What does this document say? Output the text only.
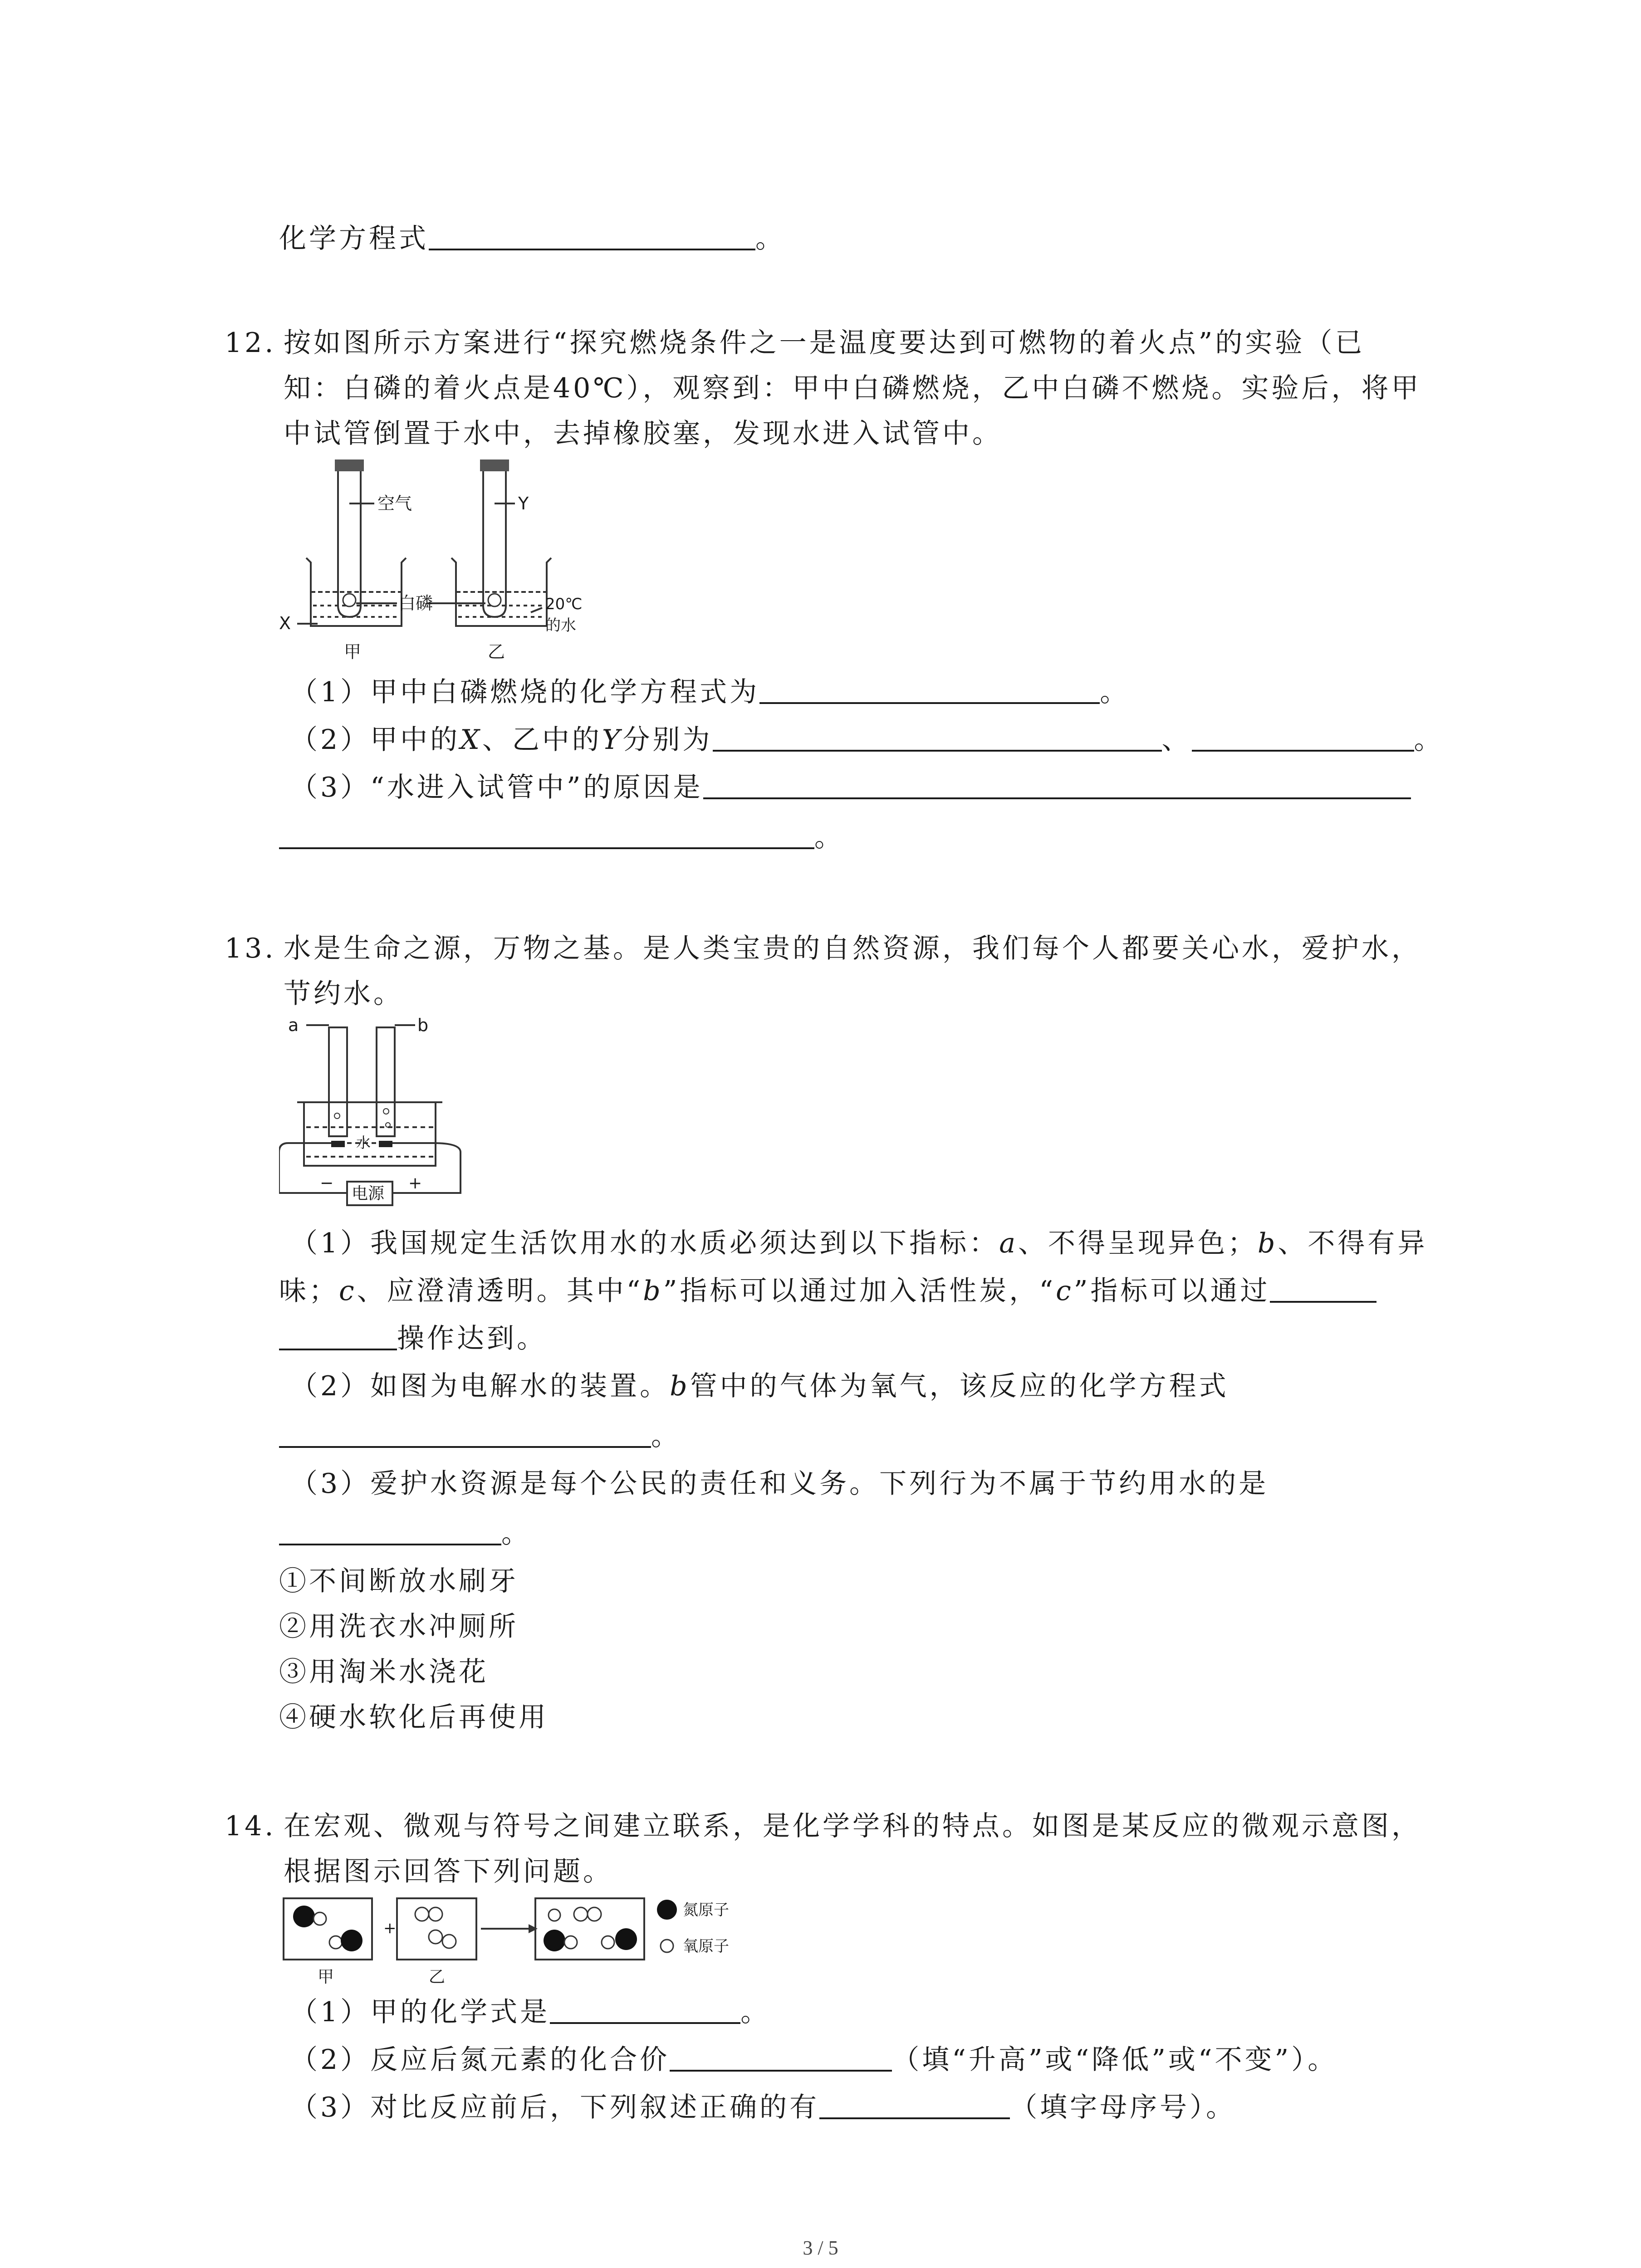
化学方程式	。
12. 按如图所示方案进行“探究燃烧条件之一是温度要达到可燃物的着火点”的实验（已
知：白磷的着火点是40℃），观察到：甲中白磷燃烧，乙中白磷不燃烧。实验后，将甲
中试管倒置于水中，去掉橡胶塞，发现水进入试管中。
空气	Y
白磷
X
20℃
的水
甲	乙
（1）甲中白磷燃烧的化学方程式为	。
（2）甲中的X、乙中的Y分别为	、	。
（3）“水进入试管中”的原因是
。
13. 水是生命之源，万物之基。是人类宝贵的自然资源，我们每个人都要关心水，爱护水，
节约水。
a	b
水
电源
−	+
（1）我国规定生活饮用水的水质必须达到以下指标：a、不得呈现异色；b、不得有异
味；c、应澄清透明。其中“b”指标可以通过加入活性炭，“c”指标可以通过
操作达到。
（2）如图为电解水的装置。b管中的气体为氧气，该反应的化学方程式
。
（3）爱护水资源是每个公民的责任和义务。下列行为不属于节约用水的是
。
①不间断放水刷牙
②用洗衣水冲厕所
③用淘米水浇花
④硬水软化后再使用
14. 在宏观、微观与符号之间建立联系，是化学学科的特点。如图是某反应的微观示意图，
根据图示回答下列问题。
+
氮原子
氧原子
甲	乙
（1）甲的化学式是	。
（2）反应后氮元素的化合价	（填“升高”或“降低”或“不变”）。
（3）对比反应前后，下列叙述正确的有	（填字母序号）。
3 / 5
